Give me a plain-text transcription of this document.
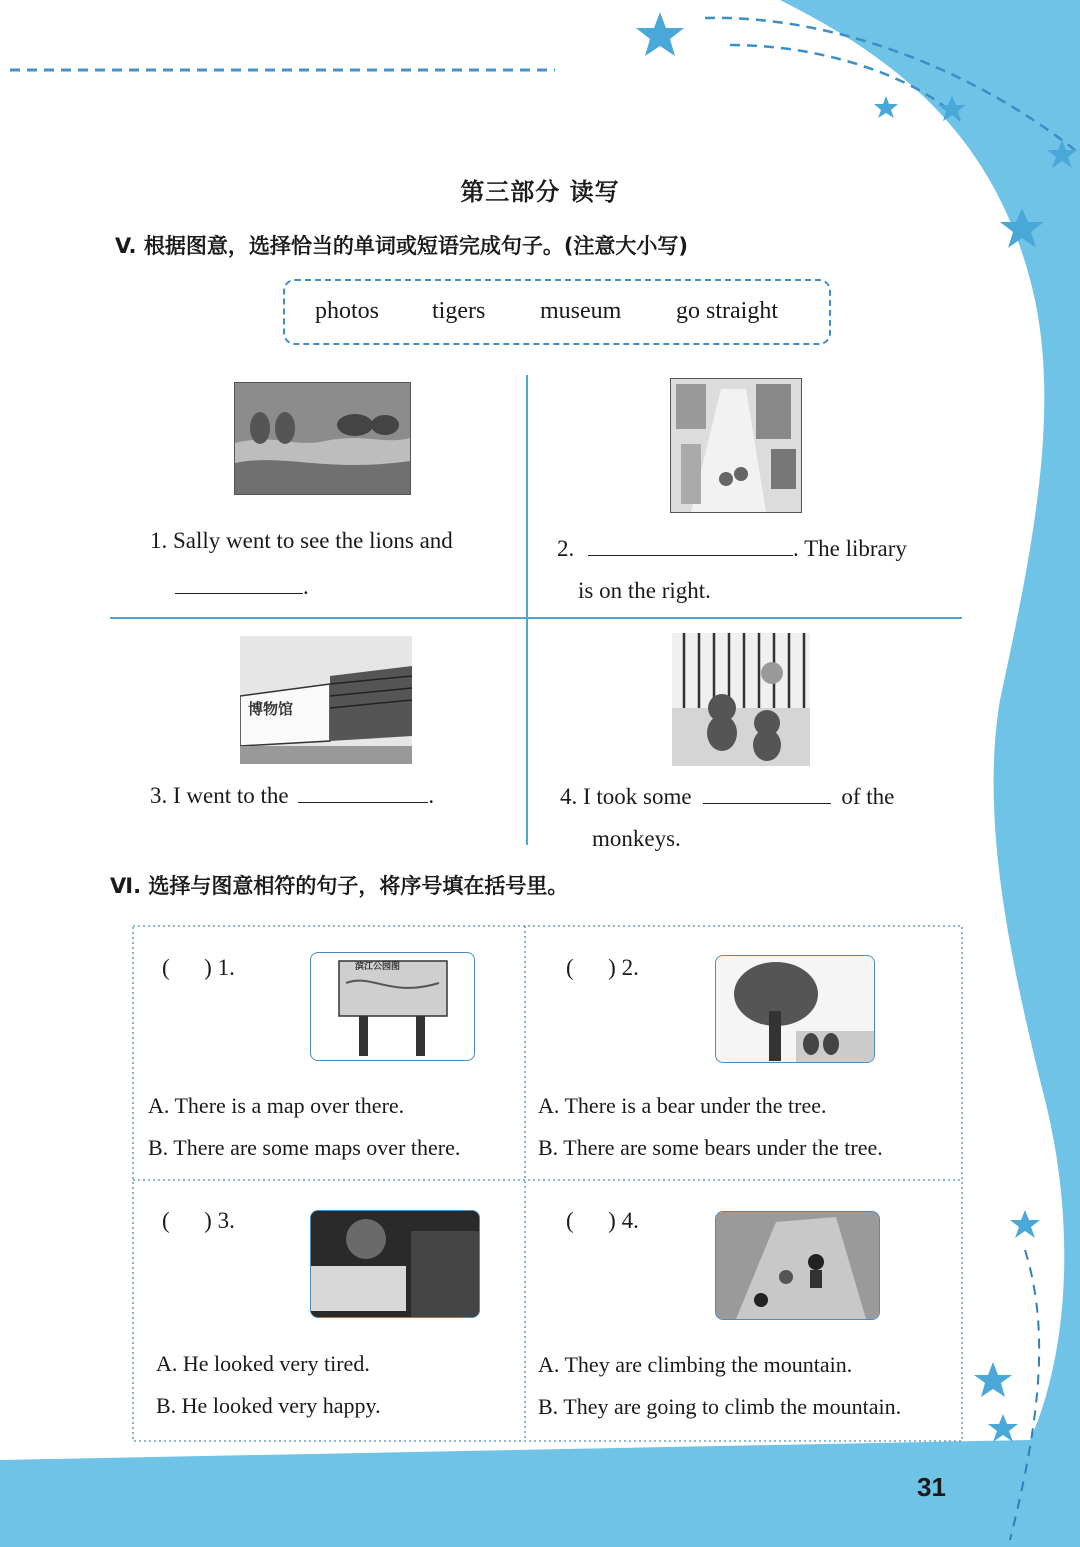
第三部分 读写
V. 根据图意，选择恰当的单词或短语完成句子。(注意大小写)
photos tigers museum go straight
1. Sally went to see the lions and
.
2.	. The library
is on the right.
博物馆
3. I went to the	.	4. I took some	of the
monkeys.
Ⅵ. 选择与图意相符的句子，将序号填在括号里。
(      ) 1.	滨江公园图
A. There is a map over there.
B. There are some maps over there.
(      ) 2.
A. There is a bear under the tree.
B. There are some bears under the tree.
(      ) 3.
A. He looked very tired.
B. He looked very happy.
(      ) 4.
A. They are climbing the mountain.
B. They are going to climb the mountain.
31
